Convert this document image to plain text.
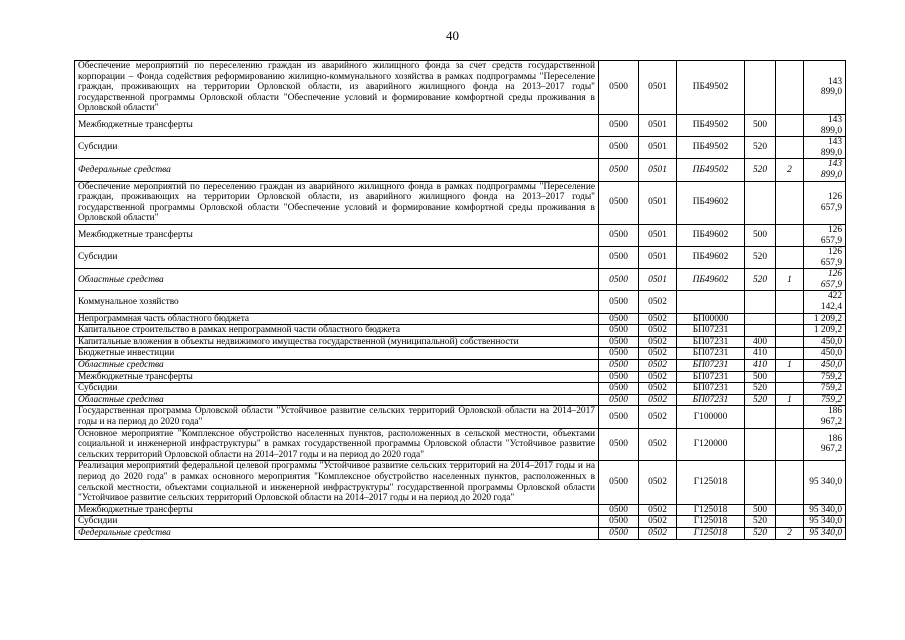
40
Обеспечение мероприятий по переселению граждан из аварийного жилищного фонда за счет средств государственной корпорации – Фонда содействия реформированию жилищно-коммунального хозяйства в рамках подпрограммы "Переселение граждан, проживающих на территории Орловской области, из аварийного жилищного фонда на 2013–2017 годы" государственной программы Орловской области "Обеспечение условий и формирование комфортной среды проживания в Орловской области"	0500	0501	ПБ49502			143 899,0
Межбюджетные трансферты	0500	0501	ПБ49502	500		143 899,0
Субсидии	0500	0501	ПБ49502	520		143 899,0
Федеральные средства	0500	0501	ПБ49502	520	2	143 899,0
Обеспечение мероприятий по переселению граждан из аварийного жилищного фонда в рамках подпрограммы "Переселение граждан, проживающих на территории Орловской области, из аварийного жилищного фонда на 2013–2017 годы" государственной программы Орловской области "Обеспечение условий и формирование комфортной среды проживания в Орловской области"	0500	0501	ПБ49602			126 657,9
Межбюджетные трансферты	0500	0501	ПБ49602	500		126 657,9
Субсидии	0500	0501	ПБ49602	520		126 657,9
Областные средства	0500	0501	ПБ49602	520	1	126 657,9
Коммунальное хозяйство	0500	0502				422 142,4
Непрограммная часть областного бюджета	0500	0502	БП00000			1 209,2
Капитальное строительство в рамках непрограммной части областного бюджета	0500	0502	БП07231			1 209,2
Капитальные вложения в объекты недвижимого имущества государственной (муниципальной) собственности	0500	0502	БП07231	400		450,0
Бюджетные инвестиции	0500	0502	БП07231	410		450,0
Областные средства	0500	0502	БП07231	410	1	450,0
Межбюджетные трансферты	0500	0502	БП07231	500		759,2
Субсидии	0500	0502	БП07231	520		759,2
Областные средства	0500	0502	БП07231	520	1	759,2
Государственная программа Орловской области "Устойчивое развитие сельских территорий Орловской области на 2014–2017 годы и на период до 2020 года"	0500	0502	Г100000			186 967,2
Основное мероприятие "Комплексное обустройство населенных пунктов, расположенных в сельской местности, объектами социальной и инженерной инфраструктуры" в рамках государственной программы Орловской области "Устойчивое развитие сельских территорий Орловской области на 2014–2017 годы и на период до 2020 года"	0500	0502	Г120000			186 967,2
Реализация мероприятий федеральной целевой программы "Устойчивое развитие сельских территорий на 2014–2017 годы и на период до 2020 года" в рамках основного мероприятия "Комплексное обустройство населенных пунктов, расположенных в сельской местности, объектами социальной и инженерной инфраструктуры" государственной программы Орловской области "Устойчивое развитие сельских территорий Орловской области на 2014–2017 годы и на период до 2020 года"	0500	0502	Г125018			95 340,0
Межбюджетные трансферты	0500	0502	Г125018	500		95 340,0
Субсидии	0500	0502	Г125018	520		95 340,0
Федеральные средства	0500	0502	Г125018	520	2	95 340,0
